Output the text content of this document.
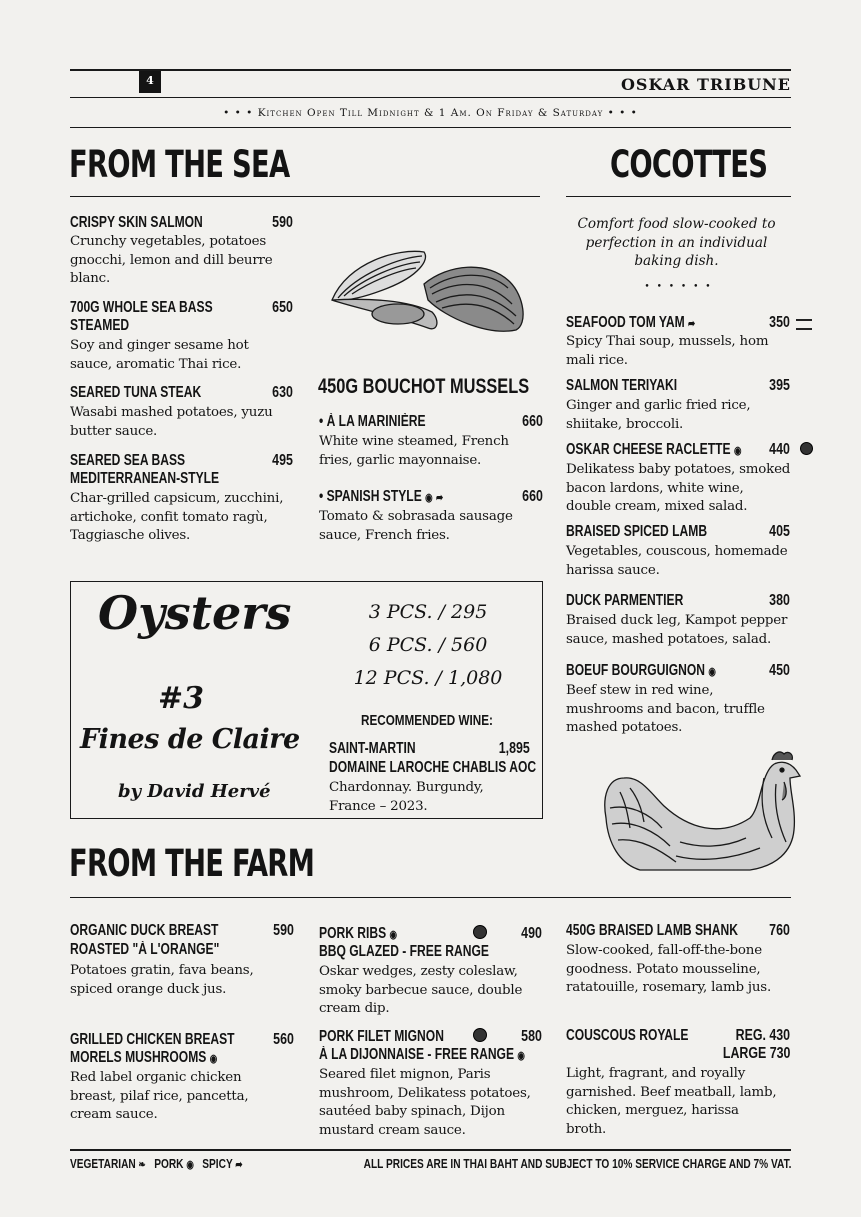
4	OSKAR TRIBUNE
• • • Kitchen Open Till Midnight & 1 Am. On Friday & Saturday • • •
FROM THE SEA
CRISPY SKIN SALMON	590
Crunchy vegetables, potatoes gnocchi, lemon and dill beurre blanc.
700G WHOLE SEA BASS
STEAMED
650
Soy and ginger sesame hot sauce, aromatic Thai rice.
SEARED TUNA STEAK	630
Wasabi mashed potatoes, yuzu butter sauce.
SEARED SEA BASS
MEDITERRANEAN-STYLE
495
Char-grilled capsicum, zucchini, artichoke, confit tomato ragù, Taggiasche olives.
450G BOUCHOT MUSSELS
• À LA MARINIÈRE	660
White wine steamed, French fries, garlic mayonnaise.
• SPANISH STYLE ◉ ➦	660
Tomato & sobrasada sausage sauce, French fries.
COCOTTES
Comfort food slow-cooked to perfection in an individual baking dish.
• • • • • •
SEAFOOD TOM YAM ➦	350
Spicy Thai soup, mussels, hom mali rice.
SALMON TERIYAKI	395
Ginger and garlic fried rice, shiitake, broccoli.
OSKAR CHEESE RACLETTE ◉ 440
Delikatess baby potatoes, smoked bacon lardons, white wine, double cream, mixed salad.
BRAISED SPICED LAMB	405
Vegetables, couscous, homemade harissa sauce.
DUCK PARMENTIER	380
Braised duck leg, Kampot pepper sauce, mashed potatoes, salad.
BOEUF BOURGUIGNON ◉	450
Beef stew in red wine, mushrooms and bacon, truffle mashed potatoes.
Oysters
#3
Fines de Claire
by David Hervé
3 PCS. / 295
6 PCS. / 560
12 PCS. / 1,080
RECOMMENDED WINE:
SAINT-MARTIN	1,895
DOMAINE LAROCHE CHABLIS AOC
Chardonnay. Burgundy, France – 2023.
FROM THE FARM
ORGANIC DUCK BREAST
ROASTED "À L'ORANGE"
590
Potatoes gratin, fava beans, spiced orange duck jus.
GRILLED CHICKEN BREAST
MORELS MUSHROOMS ◉
560
Red label organic chicken breast, pilaf rice, pancetta, cream sauce.
PORK RIBS ◉
BBQ GLAZED - FREE RANGE
490
Oskar wedges, zesty coleslaw, smoky barbecue sauce, double cream dip.
PORK FILET MIGNON
À LA DIJONNAISE - FREE RANGE ◉
580
Seared filet mignon, Paris mushroom, Delikatess potatoes, sautéed baby spinach, Dijon mustard cream sauce.
450G BRAISED LAMB SHANK 760
Slow-cooked, fall-off-the-bone goodness. Potato mousseline, ratatouille, rosemary, lamb jus.
COUSCOUS ROYALE	REG. 430
LARGE 730
Light, fragrant, and royally garnished. Beef meatball, lamb, chicken, merguez, harissa broth.
VEGETARIAN ❧ PORK ◉ SPICY ➦	ALL PRICES ARE IN THAI BAHT AND SUBJECT TO 10% SERVICE CHARGE AND 7% VAT.
